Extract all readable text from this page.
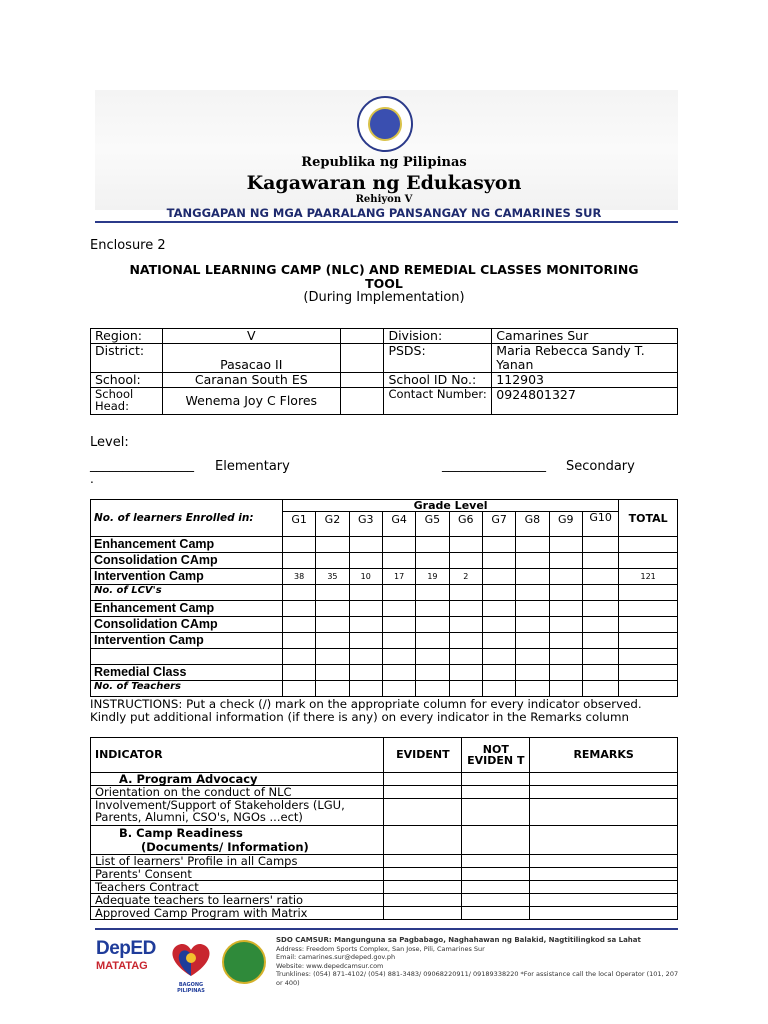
Republika ng Pilipinas
Kagawaran ng Edukasyon
Rehiyon V
TANGGAPAN NG MGA PAARALANG PANSANGAY NG CAMARINES SUR
Enclosure 2
NATIONAL LEARNING CAMP (NLC) AND REMEDIAL CLASSES MONITORING
TOOL
(During Implementation)
Region:	V		Division:	Camarines Sur
District:	Pasacao II		PSDS:	Maria Rebecca Sandy T. Yanan
School:	Caranan South ES		School ID No.:	112903
School Head:	Wenema Joy C Flores		Contact Number:	0924801327
Level:
________________ Elementary	________________ Secondary
.
No. of learners Enrolled in:	Grade Level										TOTAL
	G1	G2	G3	G4	G5	G6	G7	G8	G9	G10	
Enhancement Camp											
Consolidation CAmp											
Intervention Camp	38	35	10	17	19	2					121
No. of LCV's											
Enhancement Camp											
Consolidation CAmp											
Intervention Camp											

Remedial Class											
No. of Teachers											
INSTRUCTIONS: Put a check (/) mark on the appropriate column for every indicator observed. Kindly put additional information (if there is any) on every indicator in the Remarks column
INDICATOR	EVIDENT	NOT EVIDEN T	REMARKS
A. Program Advocacy			
Orientation on the conduct of NLC			
Involvement/Support of Stakeholders (LGU, Parents, Alumni, CSO's, NGOs ...ect)			

B. Camp Readiness
(Documents/ Information)			

List of learners' Profile in all Camps			
Parents' Consent			
Teachers Contract			
Adequate teachers to learners' ratio			
Approved Camp Program with Matrix			
DepED
MATATAG
BAGONG PILIPINAS
SDO CAMSUR: Mangunguna sa Pagbabago, Naghahawan ng Balakid, Nagtitilingkod sa Lahat
Address: Freedom Sports Complex, San Jose, Pili, Camarines Sur
Email: camarines.sur@deped.gov.ph
Website: www.depedcamsur.com
Trunklines: (054) 871-4102/ (054) 881-3483/ 09068220911/ 09189338220 *For assistance call the local Operator (101, 207 or 400)
